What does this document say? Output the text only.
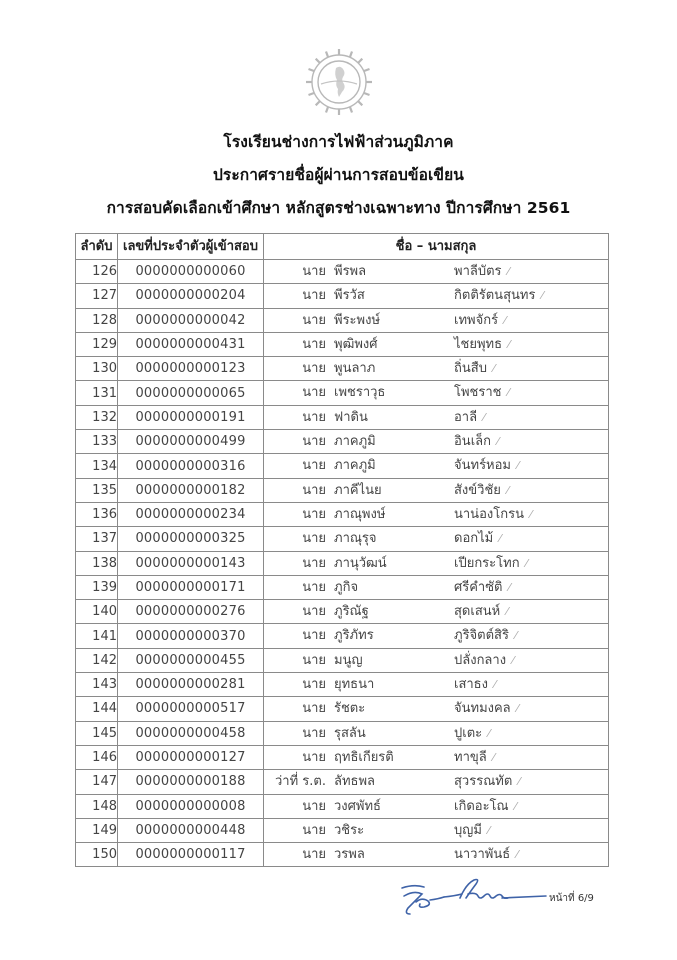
โรงเรียนช่างการไฟฟ้าส่วนภูมิภาค
ประกาศรายชื่อผู้ผ่านการสอบข้อเขียน
การสอบคัดเลือกเข้าศึกษา หลักสูตรช่างเฉพาะทาง ปีการศึกษา 2561
ลำดับ	เลขที่ประจำตัวผู้เข้าสอบ	ชื่อ – นามสกุล
126	0000000000060	นาย พีรพล พาลีบัตร ⁄

127	0000000000204	นาย พีรวัส กิตติรัตนสุนทร ⁄

128	0000000000042	นาย พีระพงษ์ เทพจักร์ ⁄

129	0000000000431	นาย พุฒิพงศ์ ไชยพุทธ ⁄

130	0000000000123	นาย พูนลาภ ถิ่นสืบ ⁄

131	0000000000065	นาย เพชราวุธ โพชราช ⁄

132	0000000000191	นาย ฟาดิน อาลี ⁄

133	0000000000499	นาย ภาคภูมิ อินเล็ก ⁄

134	0000000000316	นาย ภาคภูมิ จันทร์หอม ⁄

135	0000000000182	นาย ภาคีไนย สังข์วิชัย ⁄

136	0000000000234	นาย ภาณุพงษ์ นาน่องโกรน ⁄

137	0000000000325	นาย ภาณุรุจ ดอกไม้ ⁄

138	0000000000143	นาย ภานุวัฒน์ เปียกระโทก ⁄

139	0000000000171	นาย ภูกิจ ศรีคำซัติ ⁄

140	0000000000276	นาย ภูริณัฐ สุดเสนห์ ⁄

141	0000000000370	นาย ภูริภัทร ภูริจิตต์สิริ ⁄

142	0000000000455	นาย มนูญ ปลั่งกลาง ⁄

143	0000000000281	นาย ยุทธนา เสาธง ⁄

144	0000000000517	นาย รัชตะ จันทมงคล ⁄

145	0000000000458	นาย รุสลัน ปูเตะ ⁄

146	0000000000127	นาย ฤทธิเกียรติ ทาขุลี ⁄

147	0000000000188	ว่าที่ ร.ต. ลัทธพล สุวรรณทัต ⁄

148	0000000000008	นาย วงศพัทธ์ เกิดอะโณ ⁄

149	0000000000448	นาย วชิระ บุญมี ⁄

150	0000000000117	นาย วรพล นาวาพันธ์ ⁄
หน้าที่ 6/9
